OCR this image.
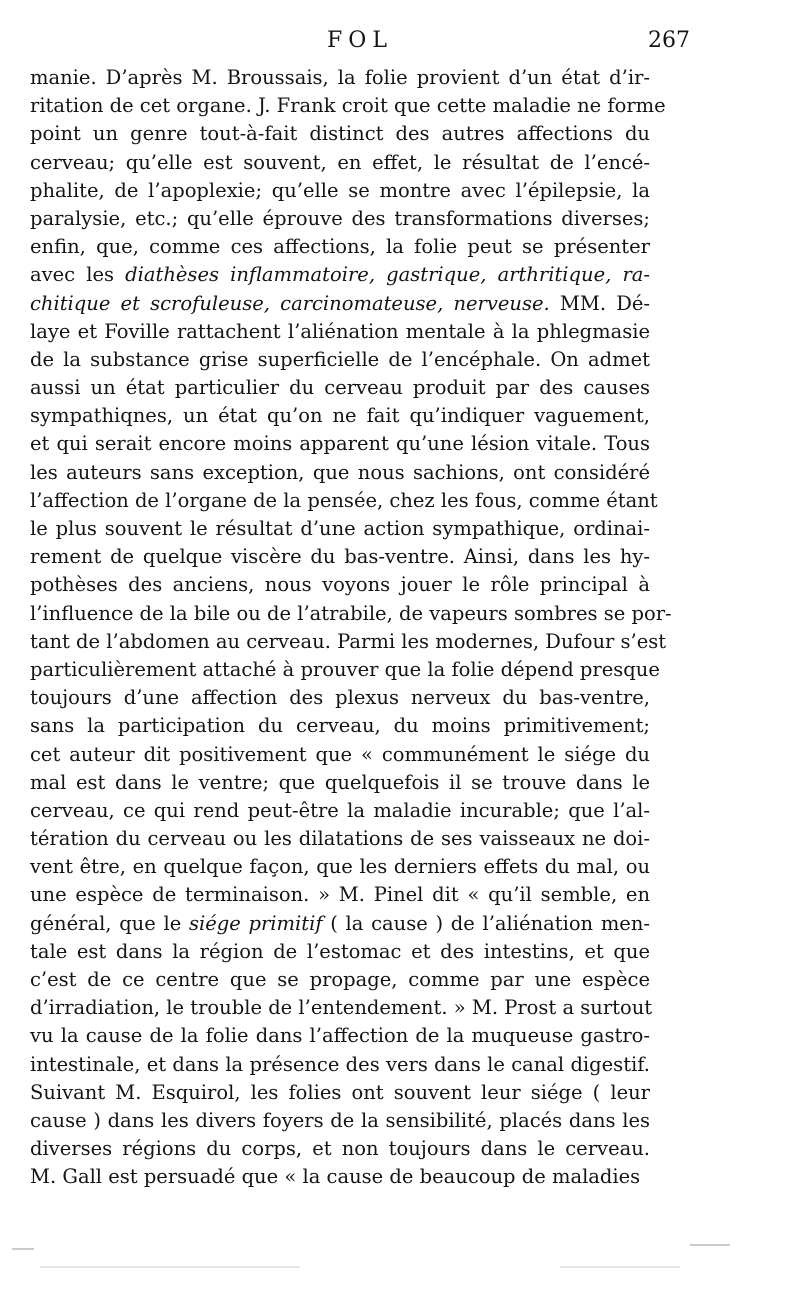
FOL	267
manie. D’après M. Broussais, la folie provient d’un état d’ir-
ritation de cet organe. J. Frank croit que cette maladie ne forme
point un genre tout-à-fait distinct des autres affections du
cerveau; qu’elle est souvent, en effet, le résultat de l’encé-
phalite, de l’apoplexie; qu’elle se montre avec l’épilepsie, la
paralysie, etc.; qu’elle éprouve des transformations diverses;
enfin, que, comme ces affections, la folie peut se présenter
avec les diathèses inflammatoire, gastrique, arthritique, ra-
chitique et scrofuleuse, carcinomateuse, nerveuse. MM. Dé-
laye et Foville rattachent l’aliénation mentale à la phlegmasie
de la substance grise superficielle de l’encéphale. On admet
aussi un état particulier du cerveau produit par des causes
sympathiqnes, un état qu’on ne fait qu’indiquer vaguement,
et qui serait encore moins apparent qu’une lésion vitale. Tous
les auteurs sans exception, que nous sachions, ont considéré
l’affection de l’organe de la pensée, chez les fous, comme étant
le plus souvent le résultat d’une action sympathique, ordinai-
rement de quelque viscère du bas-ventre. Ainsi, dans les hy-
pothèses des anciens, nous voyons jouer le rôle principal à
l’influence de la bile ou de l’atrabile, de vapeurs sombres se por-
tant de l’abdomen au cerveau. Parmi les modernes, Dufour s’est
particulièrement attaché à prouver que la folie dépend presque
toujours d’une affection des plexus nerveux du bas-ventre,
sans la participation du cerveau, du moins primitivement;
cet auteur dit positivement que « communément le siége du
mal est dans le ventre; que quelquefois il se trouve dans le
cerveau, ce qui rend peut-être la maladie incurable; que l’al-
tération du cerveau ou les dilatations de ses vaisseaux ne doi-
vent être, en quelque façon, que les derniers effets du mal, ou
une espèce de terminaison. » M. Pinel dit « qu’il semble, en
général, que le siége primitif ( la cause ) de l’aliénation men-
tale est dans la région de l’estomac et des intestins, et que
c’est de ce centre que se propage, comme par une espèce
d’irradiation, le trouble de l’entendement. » M. Prost a surtout
vu la cause de la folie dans l’affection de la muqueuse gastro-
intestinale, et dans la présence des vers dans le canal digestif.
Suivant M. Esquirol, les folies ont souvent leur siége ( leur
cause ) dans les divers foyers de la sensibilité, placés dans les
diverses régions du corps, et non toujours dans le cerveau.
M. Gall est persuadé que « la cause de beaucoup de maladies
